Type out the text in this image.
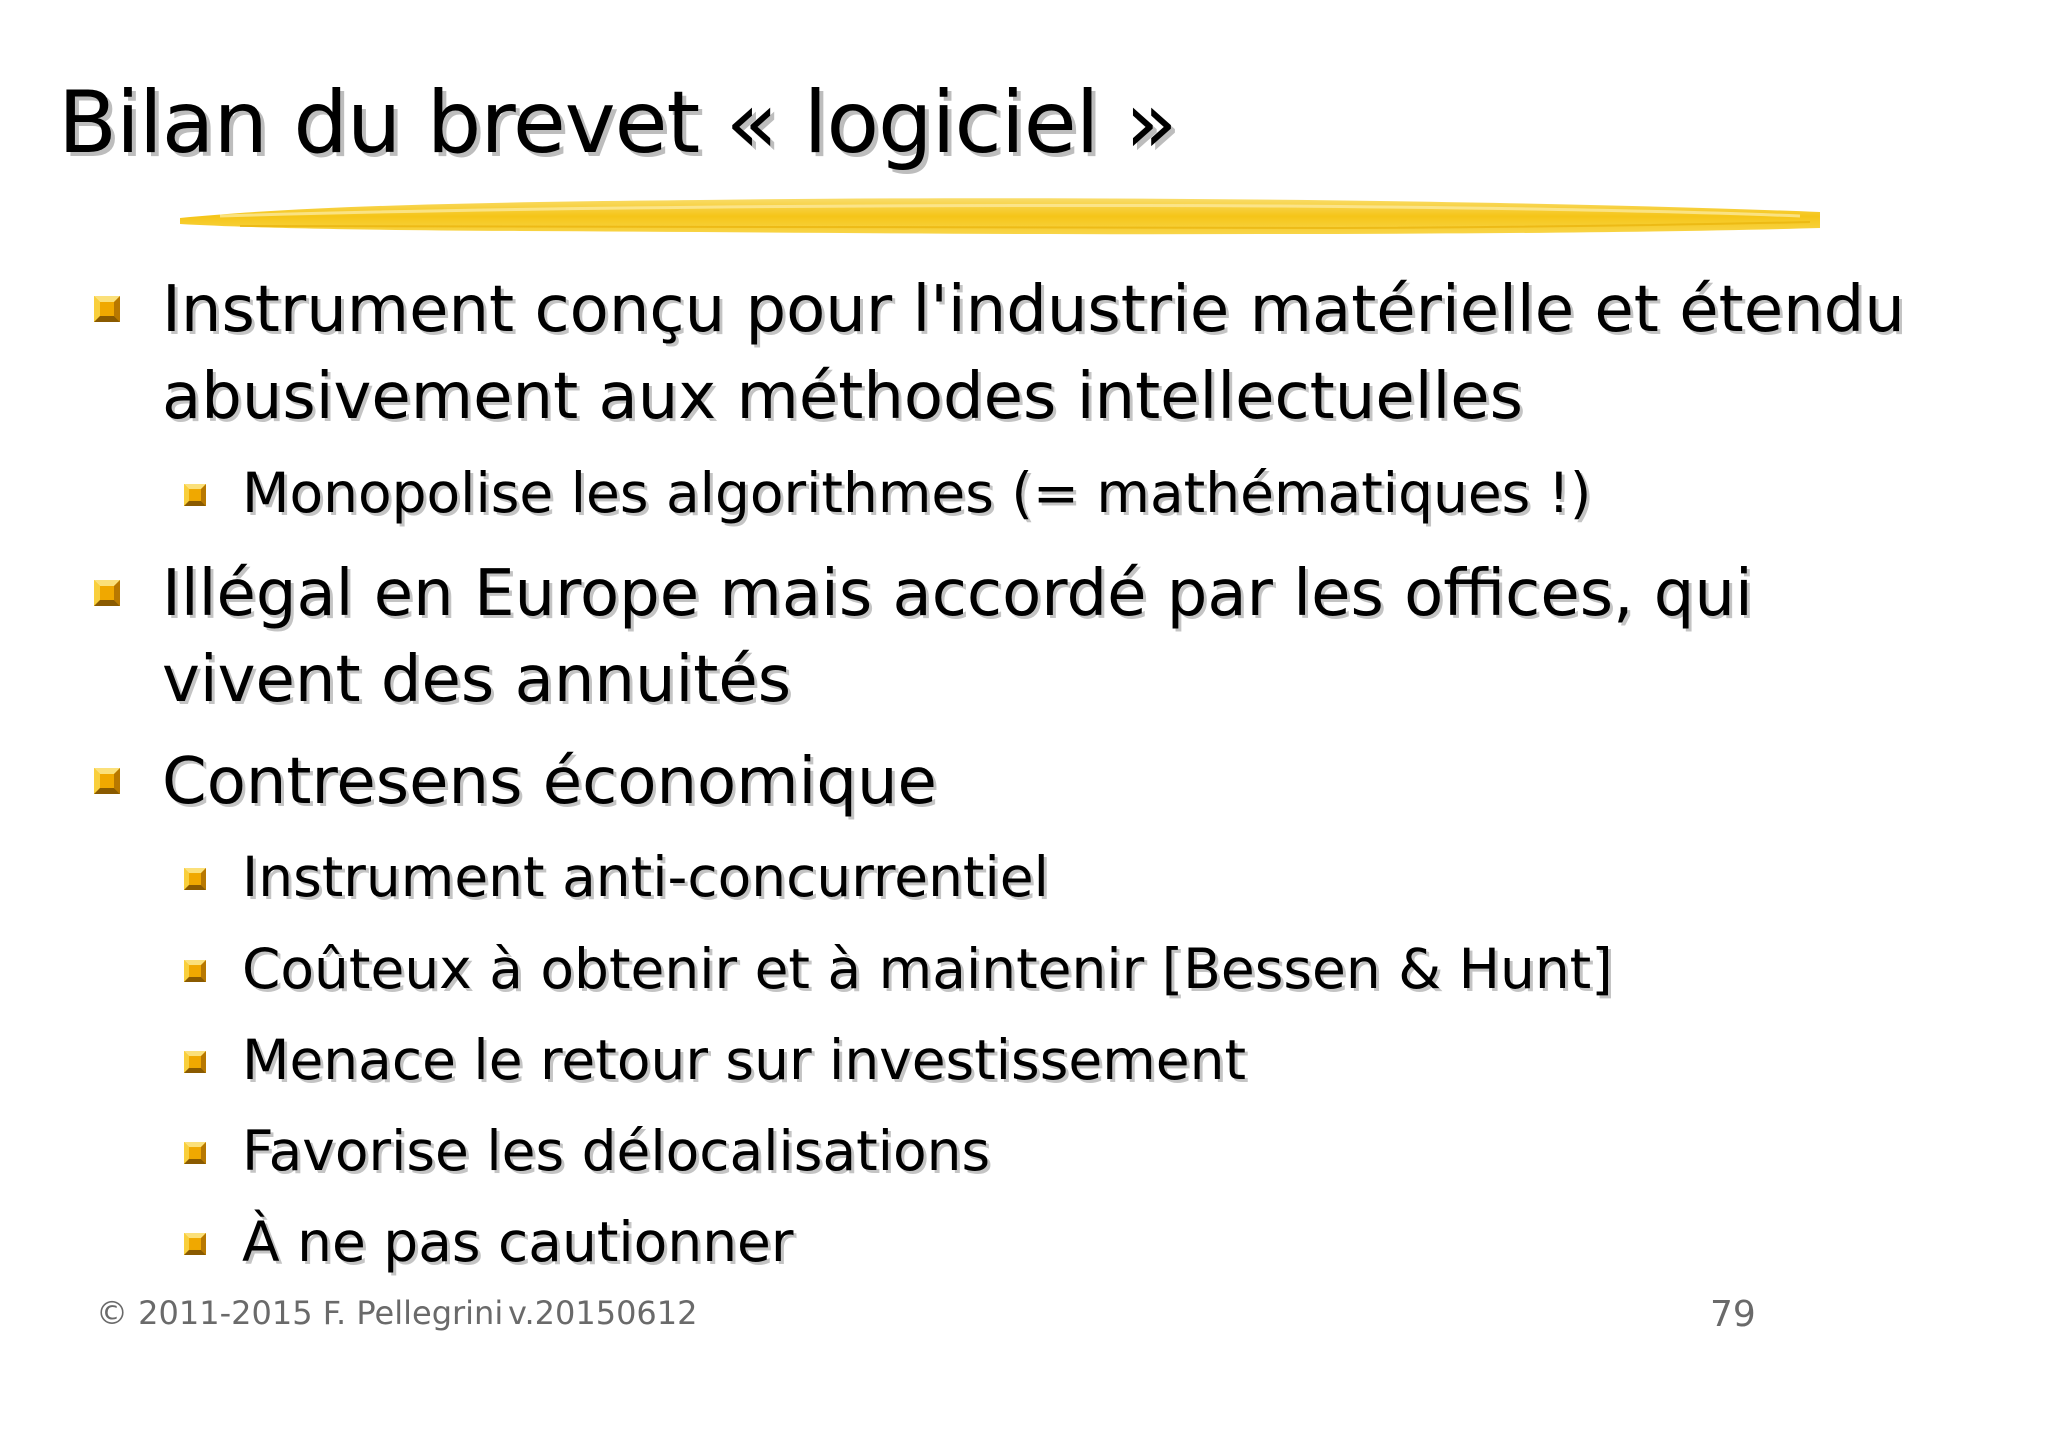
Bilan du brevet « logiciel »
Instrument conçu pour l'industrie matérielle et étendu
abusivement aux méthodes intellectuelles
Monopolise les algorithmes (= mathématiques !)
Illégal en Europe mais accordé par les offices, qui
vivent des annuités
Contresens économique
Instrument anti-concurrentiel
Coûteux à obtenir et à maintenir [Bessen & Hunt]
Menace le retour sur investissement
Favorise les délocalisations
À ne pas cautionner
© 2011-2015 F. Pellegrini v.20150612	79
